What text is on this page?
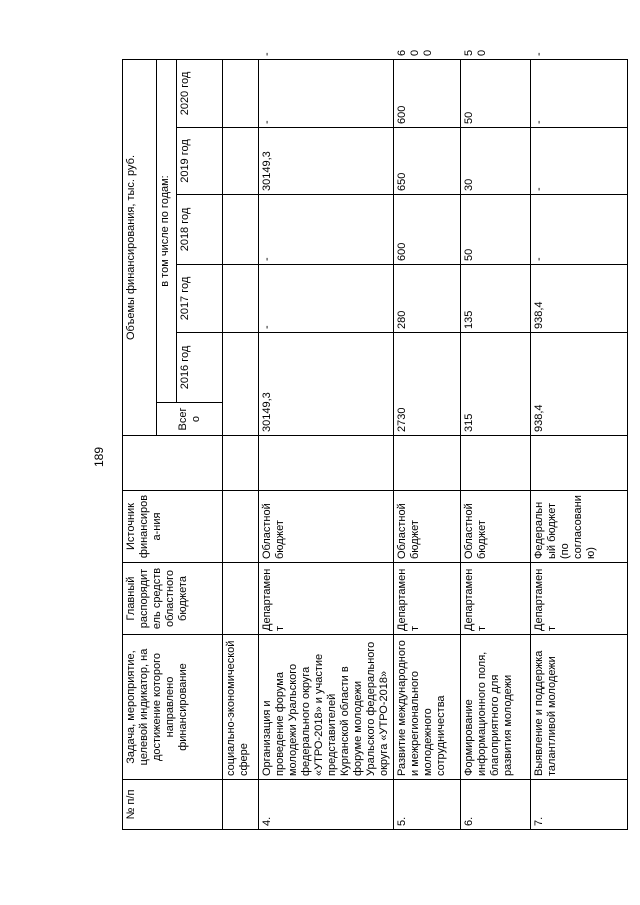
189
№ п/п	Задача, мероприятие, целевой индикатор, на достижение которого направлено финансирование	Главный распорядитель средств областного бюджета	Источник финансирова-ния		Объемы финансирования, тыс. руб.						
					Всего	в том числе по годам:					
						2016 год	2017 год	2018 год	2019 год	2020 год	
	социально-экономической сфере										
4.	Организация и проведение форума молодежи Уральского федерального округа «УТРО-2018» и участие представителей Курганской области в форуме молодежи Уральского федерального округа «УТРО-2018»	Департамент	Областной бюджет		30149,3		-	-	30149,3	-	-
5.	Развитие международного и межрегионального молодежного сотрудничества	Департамент	Областной бюджет		2730		280	600	650	600	600
6.	Формирование информационного поля, благоприятного для развития молодежи	Департамент	Областной бюджет		315		135	50	30	50	50
7.	Выявление и поддержка талантливой молодежи	Департамент	Федеральный бюджет (по согласованию)		938,4		938,4	-	-	-	-
